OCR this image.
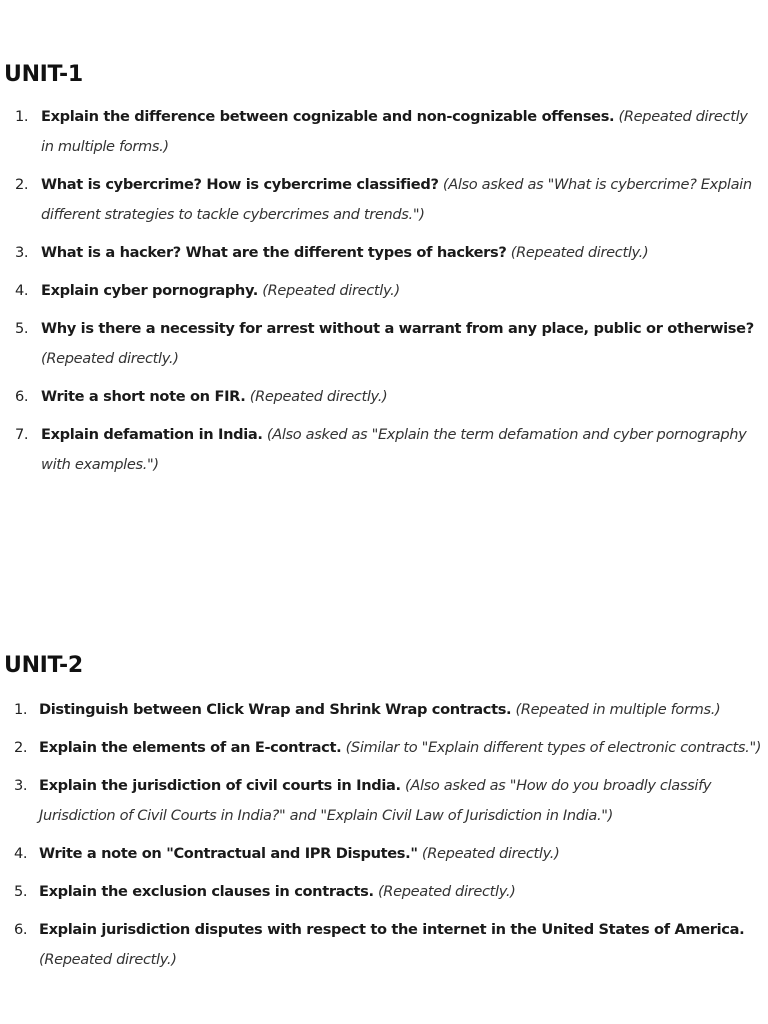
UNIT-1
1. Explain the difference between cognizable and non-cognizable offenses. (Repeated directly in multiple forms.)
2. What is cybercrime? How is cybercrime classified? (Also asked as "What is cybercrime? Explain different strategies to tackle cybercrimes and trends.")
3. What is a hacker? What are the different types of hackers? (Repeated directly.)
4. Explain cyber pornography. (Repeated directly.)
5. Why is there a necessity for arrest without a warrant from any place, public or otherwise? (Repeated directly.)
6. Write a short note on FIR. (Repeated directly.)
7. Explain defamation in India. (Also asked as "Explain the term defamation and cyber pornography with examples.")
UNIT-2
1. Distinguish between Click Wrap and Shrink Wrap contracts. (Repeated in multiple forms.)
2. Explain the elements of an E-contract. (Similar to "Explain different types of electronic contracts.")
3. Explain the jurisdiction of civil courts in India. (Also asked as "How do you broadly classify Jurisdiction of Civil Courts in India?" and "Explain Civil Law of Jurisdiction in India.")
4. Write a note on "Contractual and IPR Disputes." (Repeated directly.)
5. Explain the exclusion clauses in contracts. (Repeated directly.)
6. Explain jurisdiction disputes with respect to the internet in the United States of America. (Repeated directly.)
